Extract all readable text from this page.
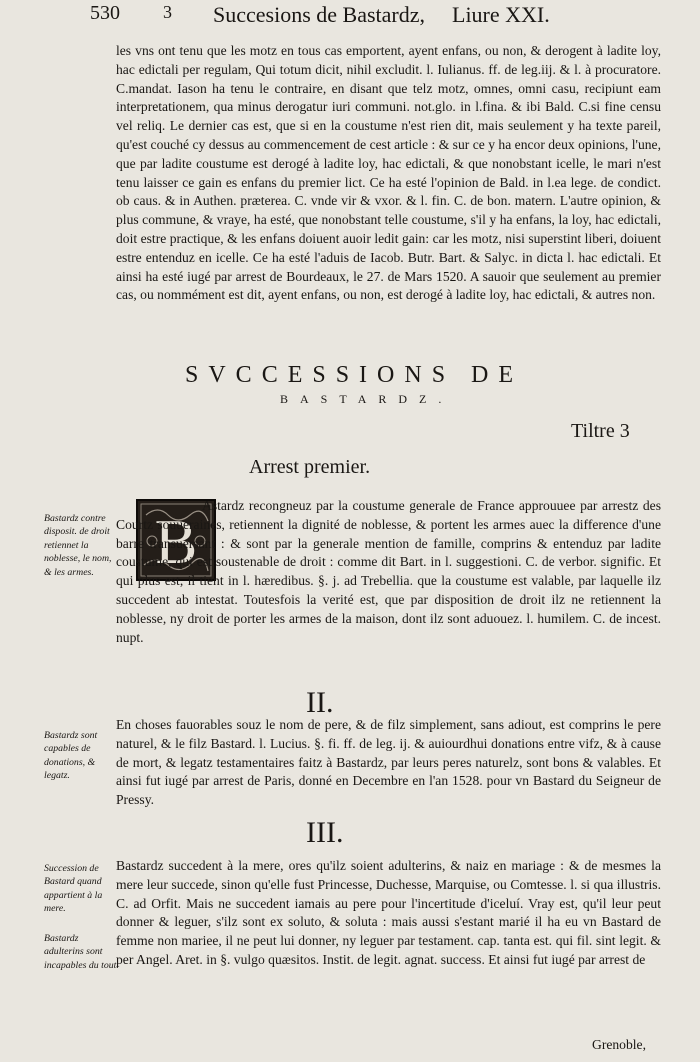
530 3 Succesions de Bastardz, Liure XXI.

les vns ont tenu que les motz en tous cas emportent, ayent enfans, ou non, & derogent à ladite loy, hac edictali per regulam, Qui totum dicit, nihil excludit. l. Iulianus. ff. de leg.iij. & l. à procuratore. C.mandat. Iason ha tenu le contraire, en disant que telz motz, omnes, omni casu, recipiunt eam interpretationem, qua minus derogatur iuri communi. not.glo. in l.fina. & ibi Bald. C.si fine censu vel reliq. Le dernier cas est, que si en la coustume n'est rien dit, mais seulement y ha texte pareil, qu'est couché cy dessus au commencement de cest article : & sur ce y ha encor deux opinions, l'une, que par ladite coustume est derogé à ladite loy, hac edictali, & que nonobstant icelle, le mari n'est tenu laisser ce gain es enfans du premier lict. Ce ha esté l'opinion de Bald. in l.ea lege. de condict. ob caus. & in Authen. præterea. C. vnde vir & vxor. & l. fin. C. de bon. matern. L'autre opinion, & plus commune, & vraye, ha esté, que nonobstant telle coustume, s'il y ha enfans, la loy, hac edictali, doit estre practique, & les enfans doiuent auoir ledit gain: car les motz, nisi superstint liberi, doiuent estre entenduz en icelle. Ce ha esté l'aduis de Iacob. Butr. Bart. & Salyc. in dicta l. hac edictali. Et ainsi ha esté iugé par arrest de Bourdeaux, le 27. de Mars 1520. A sauoir que seulement au premier cas, ou nommément est dit, ayent enfans, ou non, est derogé à ladite loy, hac edictali, & autres non.

SVCCESSIONS DE
BASTARDZ.
Tiltre 3
Arrest premier.
B
Astardz recongneuz par la coustume generale de France approuuee par arrestz des Courtz souueraines, retiennent la dignité de noblesse, & portent les armes auec la difference d'une barre transuersant : & sont par la generale mention de famille, comprins & entenduz par ladite coustume, qui est soustenable de droit : comme dit Bart. in l. suggestioni. C. de verbor. signific. Et qui plus est, il tient in l. hæredibus. §. j. ad Trebellia. que la coustume est valable, par laquelle ilz succedent ab intestat. Toutesfois la verité est, que par disposition de droit ilz ne retiennent la noblesse, ny droit de porter les armes de la maison, dont ilz sont aduouez. l. humilem. C. de incest. nupt.
II.

En choses fauorables souz le nom de pere, & de filz simplement, sans adiout, est comprins le pere naturel, & le filz Bastard. l. Lucius. §. fi. ff. de leg. ij. & auiourdhui donations entre vifz, & à cause de mort, & legatz testamentaires faitz à Bastardz, par leurs peres naturelz, sont bons & valables. Et ainsi fut iugé par arrest de Paris, donné en Decembre en l'an 1528. pour vn Bastard du Seigneur de Pressy.

III.

Bastardz succedent à la mere, ores qu'ilz soient adulterins, & naiz en mariage : & de mesmes la mere leur succede, sinon qu'elle fust Princesse, Duchesse, Marquise, ou Comtesse. l. si qua illustris. C. ad Orfit. Mais ne succedent iamais au pere pour l'incertitude d'iceluí. Vray est, qu'il leur peut donner & leguer, s'ilz sont ex soluto, & soluta : mais aussi s'estant marié il ha eu vn Bastard de femme non mariee, il ne peut lui donner, ny leguer par testament. cap. tanta est. qui fil. sint legit. & per Angel. Aret. in §. vulgo quæsitos. Instit. de legit. agnat. success. Et ainsi fut iugé par arrest de

Bastardz contre disposit. de droit retiennet la noblesse, le nom, & les armes.
Bastardz sont capables de donations, & legatz.
Succession de Bastard quand appartient à la mere.
Bastardz adulterins sont incapables du tout.
Grenoble,
